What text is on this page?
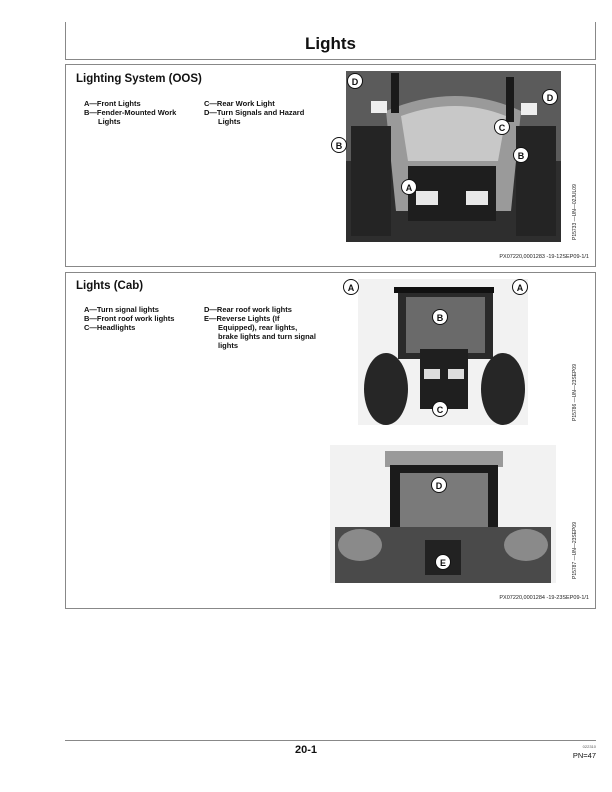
Lights
Lighting System (OOS)
A—Front Lights
B—Fender-Mounted Work
Lights
C—Rear Work Light
D—Turn Signals and Hazard
Lights
D
D
C
B
B
A	P15733 —UN—02JUL09
PX07220,0001283 -19-12SEP09-1/1
Lights (Cab)
A—Turn signal lights
B—Front roof work lights
C—Headlights
D—Rear roof work lights
E—Reverse Lights (If
Equipped), rear lights,
brake lights and turn signal
lights
A	A
B
C	P15786 —UN—23SEP09
D
E	P15787 —UN—23SEP09
PX07220,0001284 -19-23SEP09-1/1
20-1	022310
PN=47
